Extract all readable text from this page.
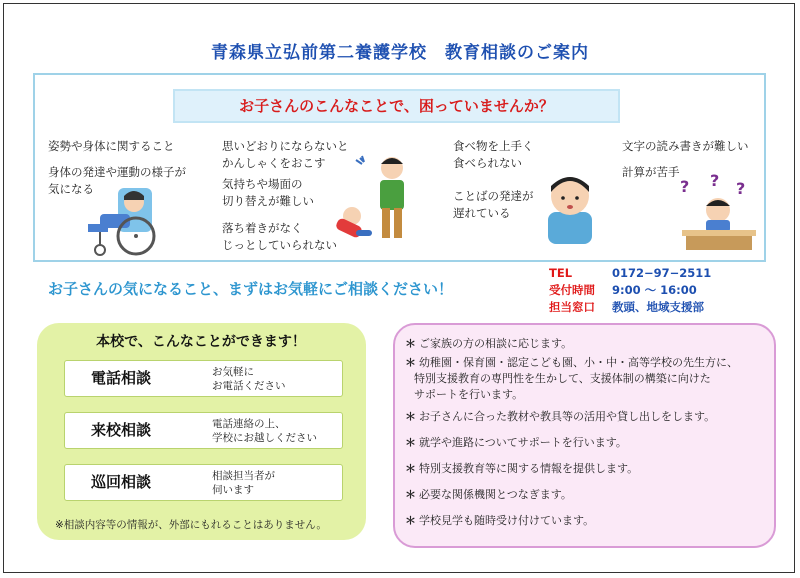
青森県立弘前第二養護学校　教育相談のご案内
お子さんのこんなことで、困っていませんか？
姿勢や身体に関すること
身体の発達や運動の様子が
気になる
思いどおりにならないと
かんしゃくをおこす
気持ちや場面の
切り替えが難しい
落ち着きがなく
じっとしていられない
食べ物を上手く
食べられない
ことばの発達が
遅れている
文字の読み書きが難しい
計算が苦手
? ? ?
お子さんの気になること、まずはお気軽にご相談ください！
TEL	0172−97−2511
受付時間 9:00 ～ 16:00
担当窓口 教頭、地域支援部
本校で、こんなことができます！
電話相談	お気軽に
お電話ください
来校相談	電話連絡の上、
学校にお越しください
巡回相談	相談担当者が
伺います
※相談内容等の情報が、外部にもれることはありません。
＊ ご家族の方の相談に応じます。
＊ 幼稚園・保育園・認定こども園、小・中・高等学校の先生方に、
特別支援教育の専門性を生かして、支援体制の構築に向けた
サポートを行います。
＊ お子さんに合った教材や教具等の活用や貸し出しをします。
＊ 就学や進路についてサポートを行います。
＊ 特別支援教育等に関する情報を提供します。
＊ 必要な関係機関とつなぎます。
＊ 学校見学も随時受け付けています。
